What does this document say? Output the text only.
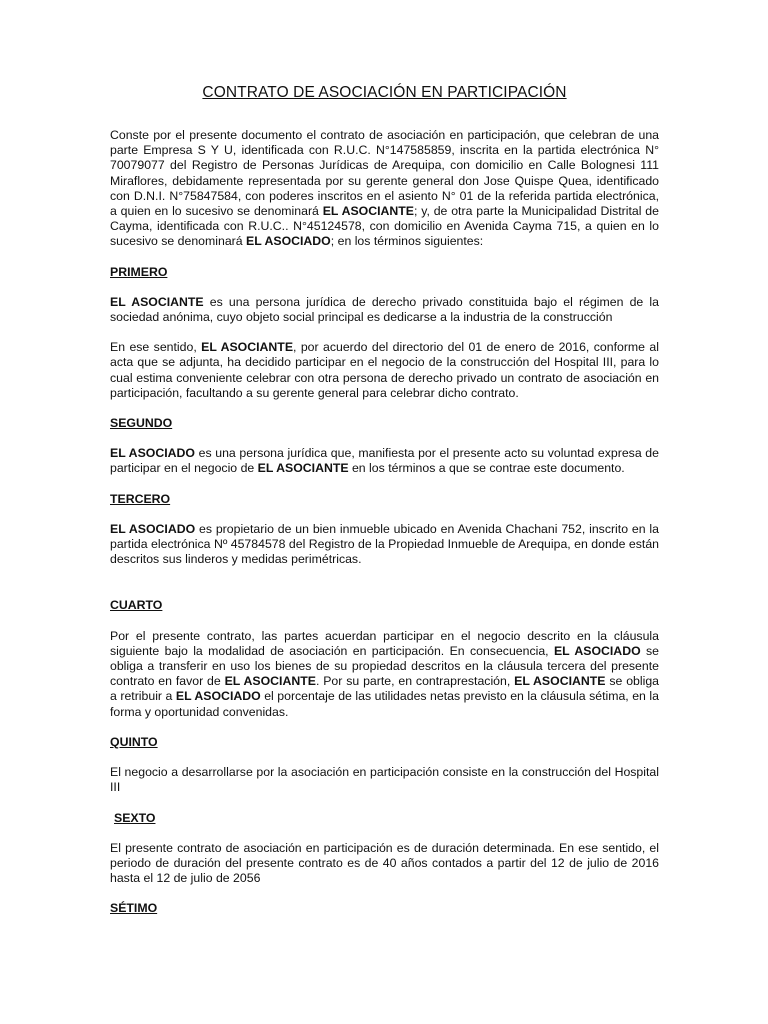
CONTRATO DE ASOCIACIÓN EN PARTICIPACIÓN

Conste por el presente documento el contrato de asociación en participación, que celebran de una parte Empresa S Y U, identificada con R.U.C. N°147585859, inscrita en la partida electrónica N° 70079077 del Registro de Personas Jurídicas de Arequipa, con domicilio en Calle Bolognesi 111 Miraflores, debidamente representada por su gerente general don Jose Quispe Quea, identificado con D.N.I. N°75847584, con poderes inscritos en el asiento N° 01 de la referida partida electrónica, a quien en lo sucesivo se denominará EL ASOCIANTE; y, de otra parte la Municipalidad Distrital de Cayma, identificada con R.U.C.. N°45124578, con domicilio en Avenida Cayma 715, a quien en lo sucesivo se denominará EL ASOCIADO; en los términos siguientes:

PRIMERO

EL ASOCIANTE es una persona jurídica de derecho privado constituida bajo el régimen de la sociedad anónima, cuyo objeto social principal es dedicarse a la industria de la construcción

En ese sentido, EL ASOCIANTE, por acuerdo del directorio del 01 de enero de 2016, conforme al acta que se adjunta, ha decidido participar en el negocio de la construcción del Hospital III, para lo cual estima conveniente celebrar con otra persona de derecho privado un contrato de asociación en participación, facultando a su gerente general para celebrar dicho contrato.

SEGUNDO

EL ASOCIADO es una persona jurídica que, manifiesta por el presente acto su voluntad expresa de participar en el negocio de EL ASOCIANTE en los términos a que se contrae este documento.

TERCERO

EL ASOCIADO es propietario de un bien inmueble ubicado en Avenida Chachani 752, inscrito en la partida electrónica Nº 45784578 del Registro de la Propiedad Inmueble de Arequipa, en donde están descritos sus linderos y medidas perimétricas.

CUARTO

Por el presente contrato, las partes acuerdan participar en el negocio descrito en la cláusula siguiente bajo la modalidad de asociación en participación. En consecuencia, EL ASOCIADO se obliga a transferir en uso los bienes de su propiedad descritos en la cláusula tercera del presente contrato en favor de EL ASOCIANTE. Por su parte, en contraprestación, EL ASOCIANTE se obliga a retribuir a EL ASOCIADO el porcentaje de las utilidades netas previsto en la cláusula sétima, en la forma y oportunidad convenidas.

QUINTO

El negocio a desarrollarse por la asociación en participación consiste en la construcción del Hospital III

SEXTO

El presente contrato de asociación en participación es de duración determinada. En ese sentido, el periodo de duración del presente contrato es de 40 años contados a partir del 12 de julio de 2016 hasta el 12 de julio de 2056

SÉTIMO
